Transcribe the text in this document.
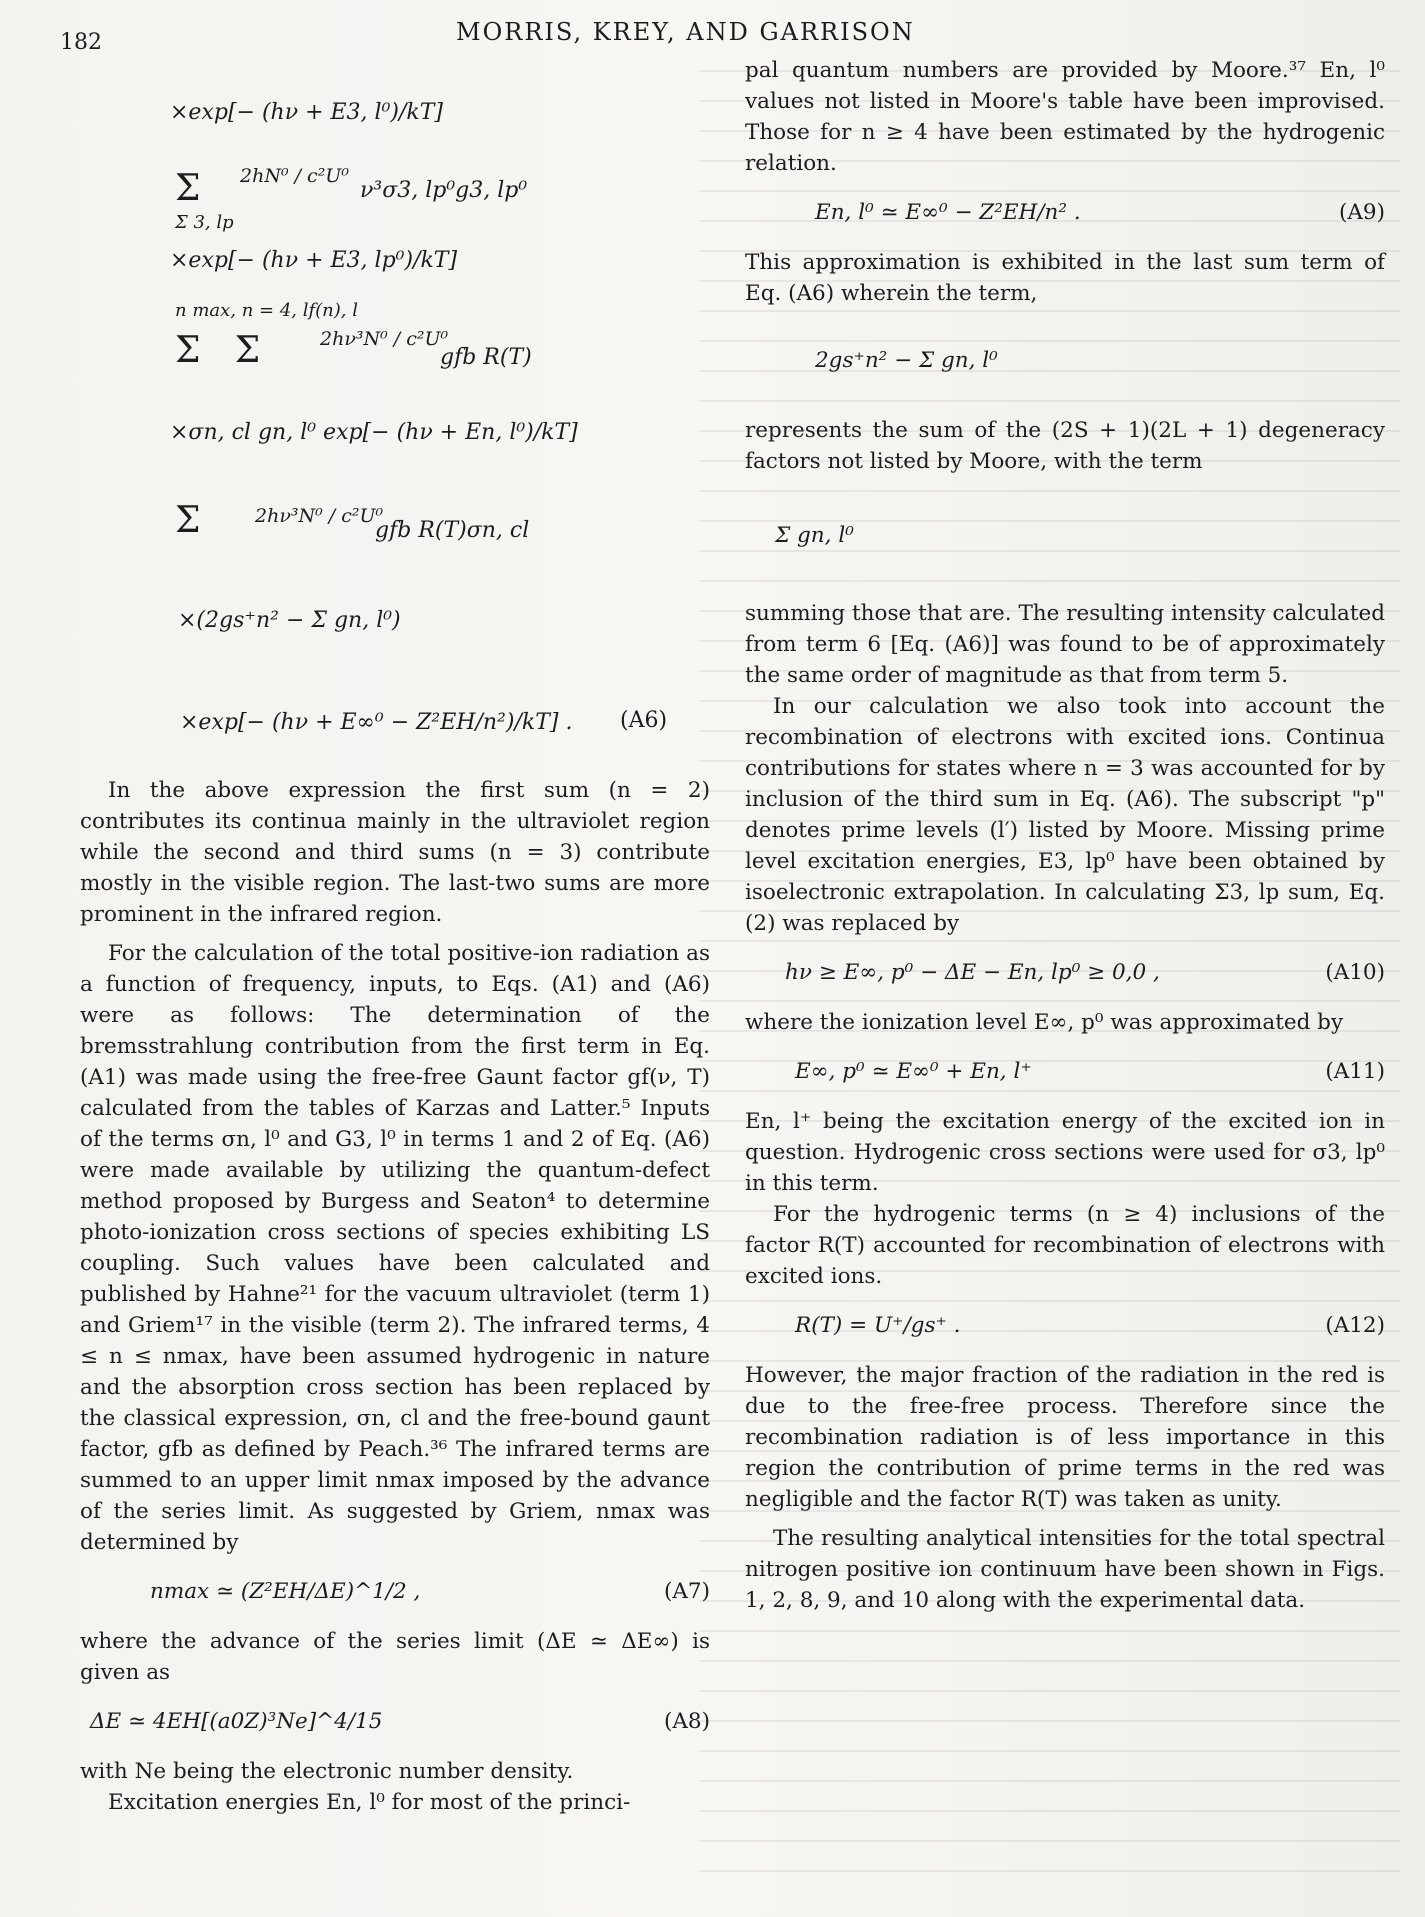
182	MORRIS, KREY, AND GARRISON
×exp[− (hν + E3, l⁰)/kT]
Σ
Σ 3, lp
2hN⁰ / c²U⁰
ν³σ3, lp⁰g3, lp⁰
×exp[− (hν + E3, lp⁰)/kT]
n max, n = 4, lf(n), l
Σ   Σ	2hν³N⁰ / c²U⁰
gfb R(T)
×σn, cl gn, l⁰ exp[− (hν + En, l⁰)/kT]
Σ	2hν³N⁰ / c²U⁰
gfb R(T)σn, cl
×(2gs⁺n² − Σ gn, l⁰)
×exp[− (hν + E∞⁰ − Z²EH/n²)/kT] . (A6)

In the above expression the first sum (n = 2) contributes its continua mainly in the ultraviolet region while the second and third sums (n = 3) contribute mostly in the visible region. The last-two sums are more prominent in the infrared region.

For the calculation of the total positive-ion radiation as a function of frequency, inputs, to Eqs. (A1) and (A6) were as follows: The determination of the bremsstrahlung contribution from the first term in Eq. (A1) was made using the free-free Gaunt factor gf(ν, T) calculated from the tables of Karzas and Latter.⁵ Inputs of the terms σn, l⁰ and G3, l⁰ in terms 1 and 2 of Eq. (A6) were made available by utilizing the quantum-defect method proposed by Burgess and Seaton⁴ to determine photo-ionization cross sections of species exhibiting LS coupling. Such values have been calculated and published by Hahne²¹ for the vacuum ultraviolet (term 1) and Griem¹⁷ in the visible (term 2). The infrared terms, 4 ≤ n ≤ nmax, have been assumed hydrogenic in nature and the absorption cross section has been replaced by the classical expression, σn, cl and the free-bound gaunt factor, gfb as defined by Peach.³⁶ The infrared terms are summed to an upper limit nmax imposed by the advance of the series limit. As suggested by Griem, nmax was determined by

nmax ≃ (Z²EH/ΔE)^1/2 ,	(A7)

where the advance of the series limit (ΔE ≃ ΔE∞) is given as

ΔE ≃ 4EH[(a0Z)³Ne]^4/15	(A8)

with Ne being the electronic number density.

Excitation energies En, l⁰ for most of the princi-

pal quantum numbers are provided by Moore.³⁷ En, l⁰ values not listed in Moore's table have been improvised. Those for n ≥ 4 have been estimated by the hydrogenic relation.

En, l⁰ ≃ E∞⁰ − Z²EH/n² .	(A9)

This approximation is exhibited in the last sum term of Eq. (A6) wherein the term,

2gs⁺n² − Σ gn, l⁰

represents the sum of the (2S + 1)(2L + 1) degeneracy factors not listed by Moore, with the term

Σ gn, l⁰

summing those that are. The resulting intensity calculated from term 6 [Eq. (A6)] was found to be of approximately the same order of magnitude as that from term 5.

In our calculation we also took into account the recombination of electrons with excited ions. Continua contributions for states where n = 3 was accounted for by inclusion of the third sum in Eq. (A6). The subscript "p" denotes prime levels (l′) listed by Moore. Missing prime level excitation energies, E3, lp⁰ have been obtained by isoelectronic extrapolation. In calculating Σ3, lp sum, Eq. (2) was replaced by

hν ≥ E∞, p⁰ − ΔE − En, lp⁰ ≥ 0,0 ,	(A10)

where the ionization level E∞, p⁰ was approximated by

E∞, p⁰ ≃ E∞⁰ + En, l⁺	(A11)

En, l⁺ being the excitation energy of the excited ion in question. Hydrogenic cross sections were used for σ3, lp⁰ in this term.

For the hydrogenic terms (n ≥ 4) inclusions of the factor R(T) accounted for recombination of electrons with excited ions.

R(T) = U⁺/gs⁺ .	(A12)

However, the major fraction of the radiation in the red is due to the free-free process. Therefore since the recombination radiation is of less importance in this region the contribution of prime terms in the red was negligible and the factor R(T) was taken as unity.

The resulting analytical intensities for the total spectral nitrogen positive ion continuum have been shown in Figs. 1, 2, 8, 9, and 10 along with the experimental data.
